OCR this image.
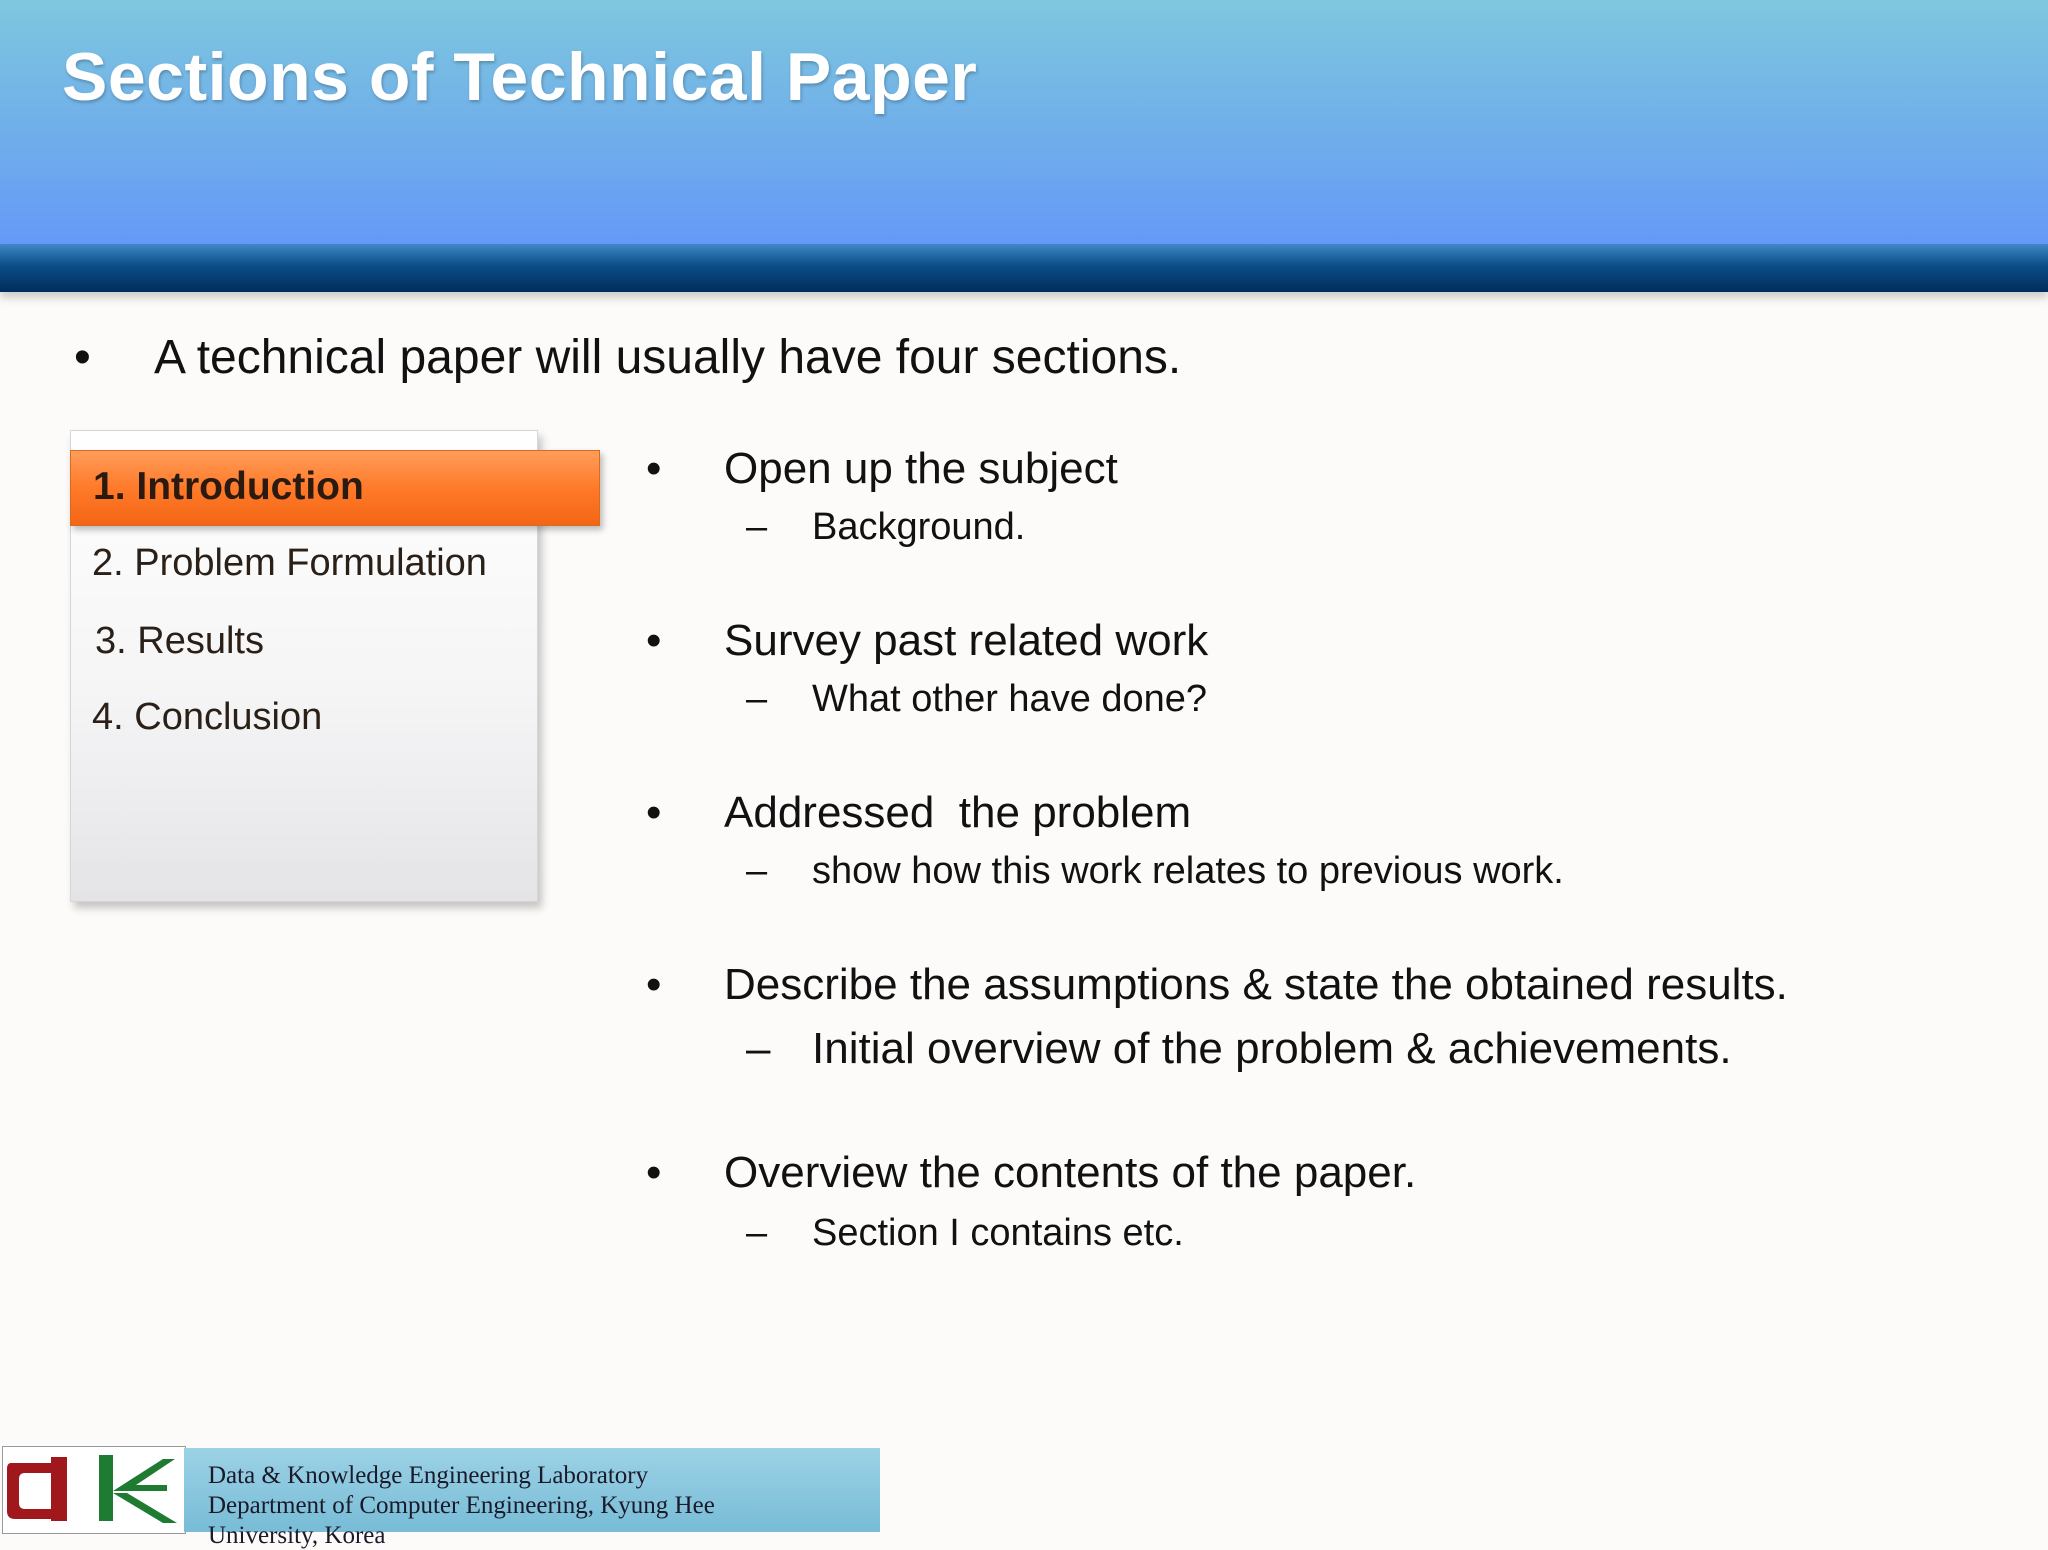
Sections of Technical Paper
• A technical paper will usually have four sections.
1. Introduction
2. Problem Formulation
3. Results
4. Conclusion
• Open up the subject
– Background.
• Survey past related work
– What other have done?
• Addressed  the problem
– show how this work relates to previous work.
• Describe the assumptions & state the obtained results.
– Initial overview of the problem & achievements.
• Overview the contents of the paper.
– Section I contains etc.
Data & Knowledge Engineering Laboratory
Department of Computer Engineering, Kyung Hee
University, Korea
